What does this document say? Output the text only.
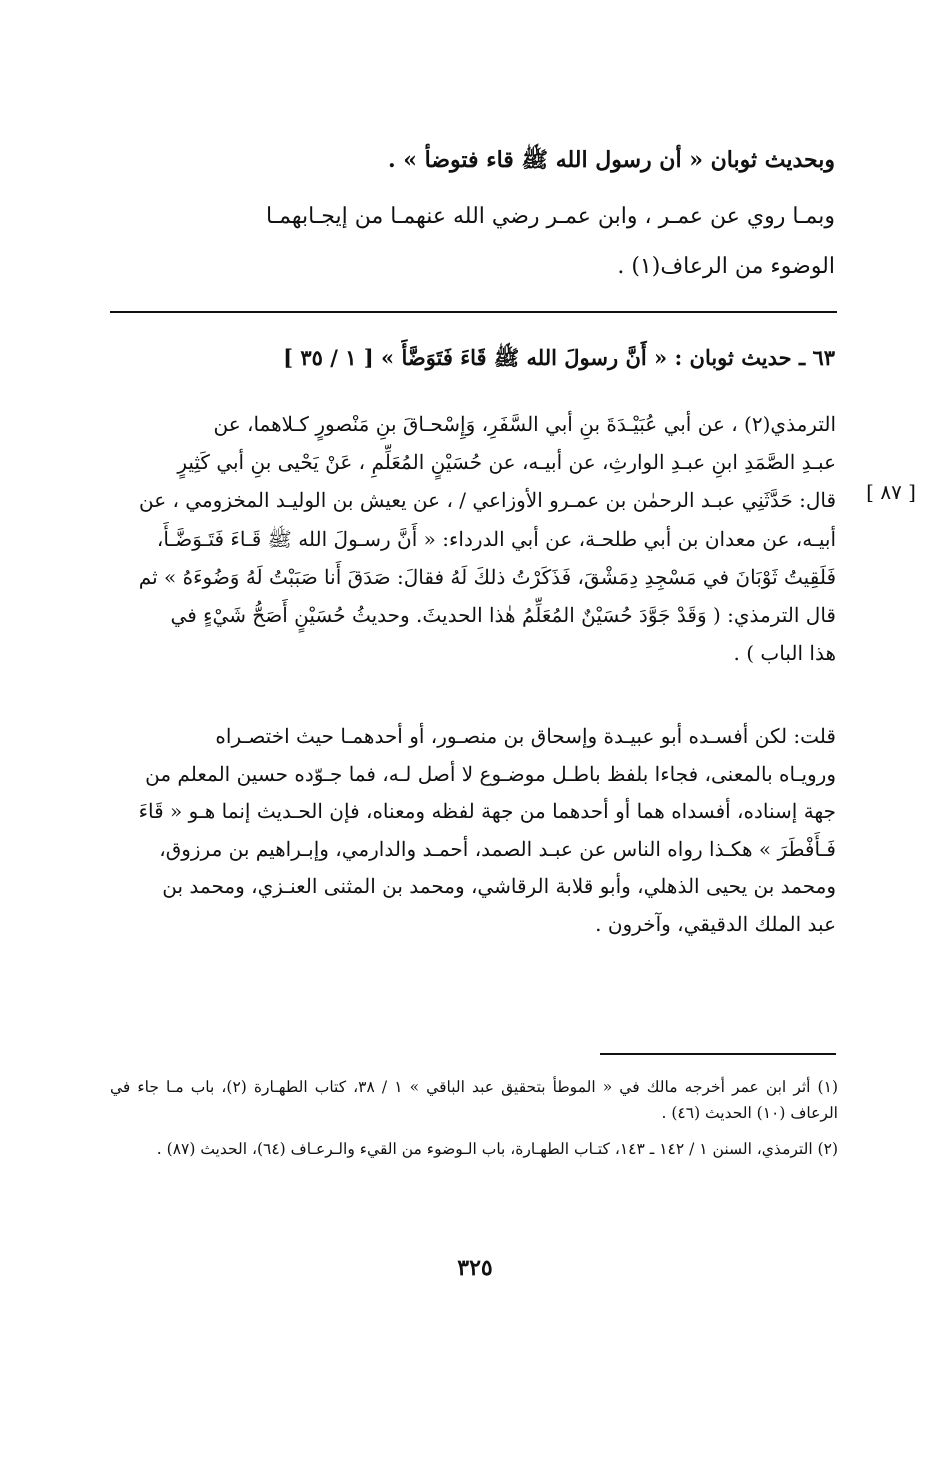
وبحديث ثوبان « أن رسول الله ﷺ قاء فتوضأ » .
وبمـا روي عن عمـر ، وابن عمـر رضي الله عنهمـا من إيجـابهمـا
الوضوء من الرعاف(١) .
٦٣ ـ حديث ثوبان : « أَنَّ رسولَ الله ﷺ قَاءَ فَتَوَضَّأَ » [ ١ / ٣٥ ]
[ ٨٧ ]
الترمذي(٢) ، عن أبي عُبَيْـدَةَ بنِ أبي السَّفَرِ، وَإِسْحـاقَ بنِ مَنْصورٍ كـلاهما، عن
عبـدِ الصَّمَدِ ابنِ عبـدِ الوارثِ، عن أبيـه، عن حُسَيْنٍ المُعَلِّمِ ، عَنْ يَحْيى بنِ أبي كَثِيرٍ
قال: حَدَّثَنِي عبـد الرحمٰن بن عمـرو الأوزاعي / ، عن يعيش بن الوليـد المخزومي ، عن
أبيـه، عن معدان بن أبي طلحـة، عن أبي الدرداء: « أَنَّ رسـولَ الله ﷺ قَـاءَ فَتَـوَضَّـأَ،
فَلَقِيتُ ثَوْبَانَ في مَسْجِدِ دِمَشْقَ، فَذَكَرْتُ ذلكَ لَهُ فقالَ: صَدَقَ أَنا صَبَبْتُ لَهُ وَضُوءَهُ » ثم
قال الترمذي: ( وَقَدْ جَوَّدَ حُسَيْنٌ المُعَلِّمُ هٰذا الحديثَ. وحديثُ حُسَيْنٍ أَصَحُّ شَيْءٍ في
هذا الباب ) .
قلت: لكن أفسـده أبو عبيـدة وإسحاق بن منصـور، أو أحدهمـا حيث اختصـراه
ورويـاه بالمعنى، فجاءا بلفظ باطـل موضـوع لا أصل لـه، فما جـوّده حسين المعلم من
جهة إسناده، أفسداه هما أو أحدهما من جهة لفظه ومعناه، فإن الحـديث إنما هـو « قَاءَ
فَـأَفْطَرَ » هكـذا رواه الناس عن عبـد الصمد، أحمـد والدارمي، وإبـراهيم بن مرزوق،
ومحمد بن يحيى الذهلي، وأبو قلابة الرقاشي، ومحمد بن المثنى العنـزي، ومحمد بن
عبد الملك الدقيقي، وآخرون .
(١) أثر ابن عمر أخرجه مالك في « الموطأ بتحقيق عبد الباقي » ١ / ٣٨، كتاب الطهـارة (٢)، باب مـا جاء في الرعاف (١٠) الحديث (٤٦) .
(٢) الترمذي، السنن ١ / ١٤٢ ـ ١٤٣، كتـاب الطهـارة، باب الـوضوء من القيء والـرعـاف (٦٤)، الحديث (٨٧) .
٣٢٥
